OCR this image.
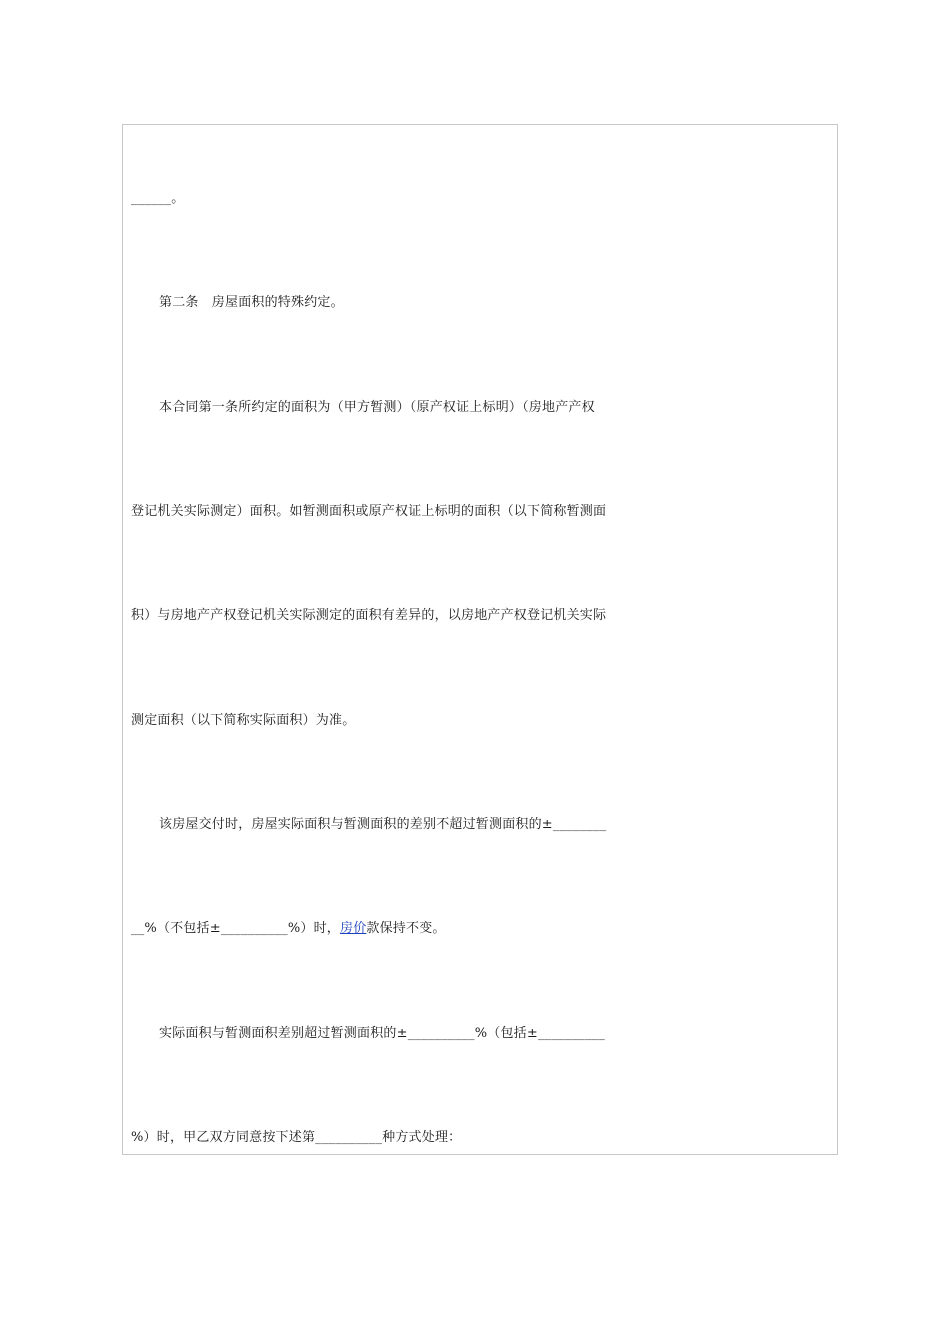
______。
第二条　房屋面积的特殊约定。
本合同第一条所约定的面积为（甲方暂测）（原产权证上标明）（房地产产权
登记机关实际测定）面积。如暂测面积或原产权证上标明的面积（以下简称暂测面
积）与房地产产权登记机关实际测定的面积有差异的，以房地产产权登记机关实际
测定面积（以下简称实际面积）为准。
该房屋交付时，房屋实际面积与暂测面积的差别不超过暂测面积的±________
__%（不包括±__________%）时，房价款保持不变。
实际面积与暂测面积差别超过暂测面积的±__________%（包括±__________
%）时，甲乙双方同意按下述第__________种方式处理：
